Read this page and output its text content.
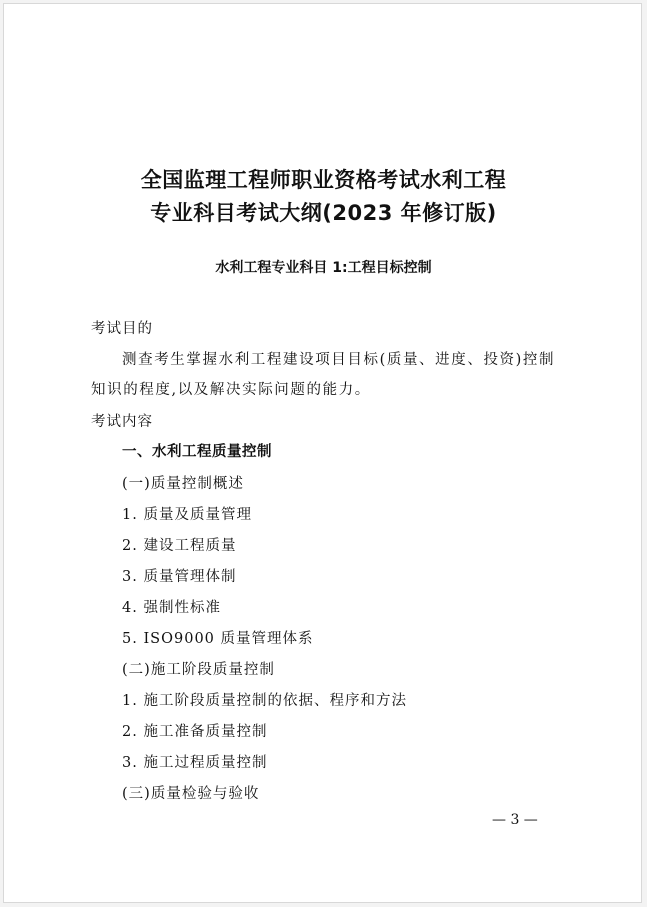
全国监理工程师职业资格考试水利工程
专业科目考试大纲(2023 年修订版)
水利工程专业科目 1:工程目标控制
考试目的
测查考生掌握水利工程建设项目目标(质量、进度、投资)控制
知识的程度,以及解决实际问题的能力。
考试内容
一、水利工程质量控制
(一)质量控制概述
1. 质量及质量管理
2. 建设工程质量
3. 质量管理体制
4. 强制性标准
5. ISO9000 质量管理体系
(二)施工阶段质量控制
1. 施工阶段质量控制的依据、程序和方法
2. 施工准备质量控制
3. 施工过程质量控制
(三)质量检验与验收
— 3 —
